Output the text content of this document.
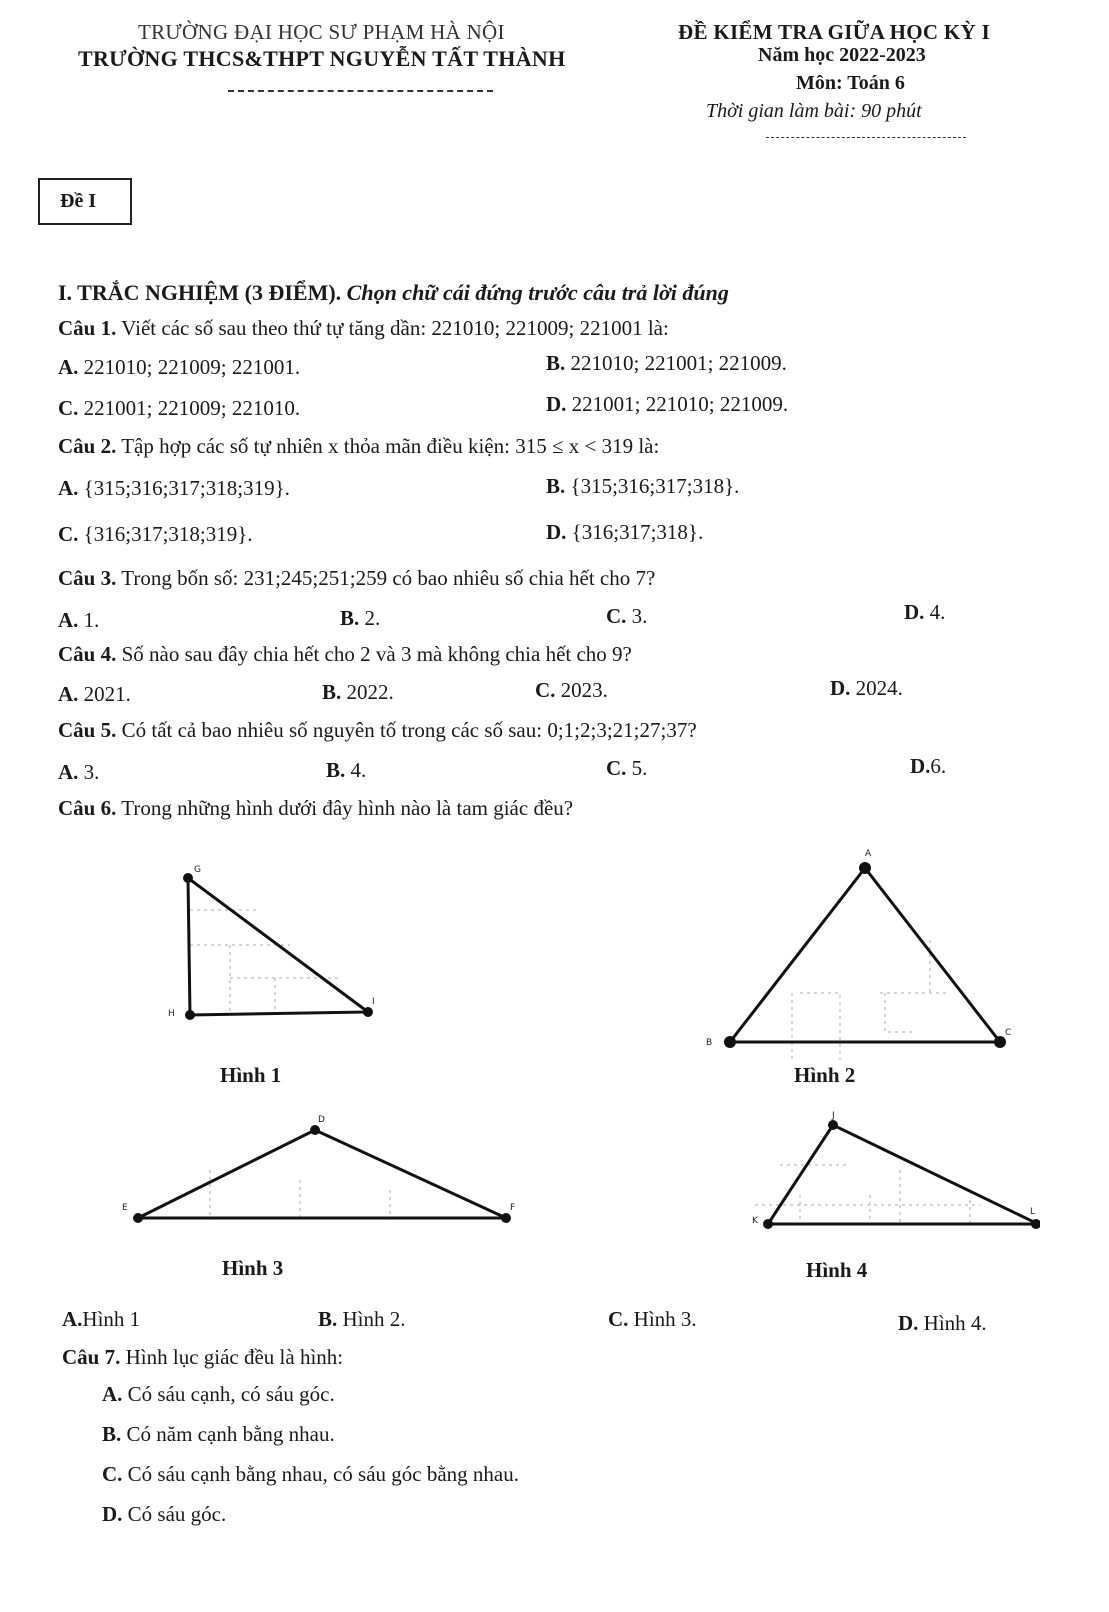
TRƯỜNG ĐẠI HỌC SƯ PHẠM HÀ NỘI
TRƯỜNG THCS&THPT NGUYỄN TẤT THÀNH
ĐỀ KIỂM TRA GIỮA HỌC KỲ I
Năm học 2022-2023
Môn: Toán 6
Thời gian làm bài: 90 phút
Đề I
I. TRẮC NGHIỆM (3 ĐIỂM). Chọn chữ cái đứng trước câu trả lời đúng
Câu 1. Viết các số sau theo thứ tự tăng dần: 221010; 221009; 221001 là:
A. 221010; 221009; 221001.	B. 221010; 221001; 221009.
C. 221001; 221009; 221010.	D. 221001; 221010; 221009.
Câu 2. Tập hợp các số tự nhiên x thỏa mãn điều kiện: 315 ≤ x < 319 là:
A. {315;316;317;318;319}.	B. {315;316;317;318}.
C. {316;317;318;319}.	D. {316;317;318}.
Câu 3. Trong bốn số: 231;245;251;259 có bao nhiêu số chia hết cho 7?
A. 1.	B. 2.	C. 3.	D. 4.
Câu 4. Số nào sau đây chia hết cho 2 và 3 mà không chia hết cho 9?
A. 2021.	B. 2022.	C. 2023.	D. 2024.
Câu 5. Có tất cả bao nhiêu số nguyên tố trong các số sau: 0;1;2;3;21;27;37?
A. 3.	B. 4.	C. 5.	D.6.
Câu 6. Trong những hình dưới đây hình nào là tam giác đều?
G
H
I
Hình 1
A
B
C
Hình 2
D
E	F
Hình 3
J
K
L
Hình 4
A.Hình 1	B. Hình 2.	C. Hình 3.	D. Hình 4.
Câu 7. Hình lục giác đều là hình:
A. Có sáu cạnh, có sáu góc.
B. Có năm cạnh bằng nhau.
C. Có sáu cạnh bằng nhau, có sáu góc bằng nhau.
D. Có sáu góc.
